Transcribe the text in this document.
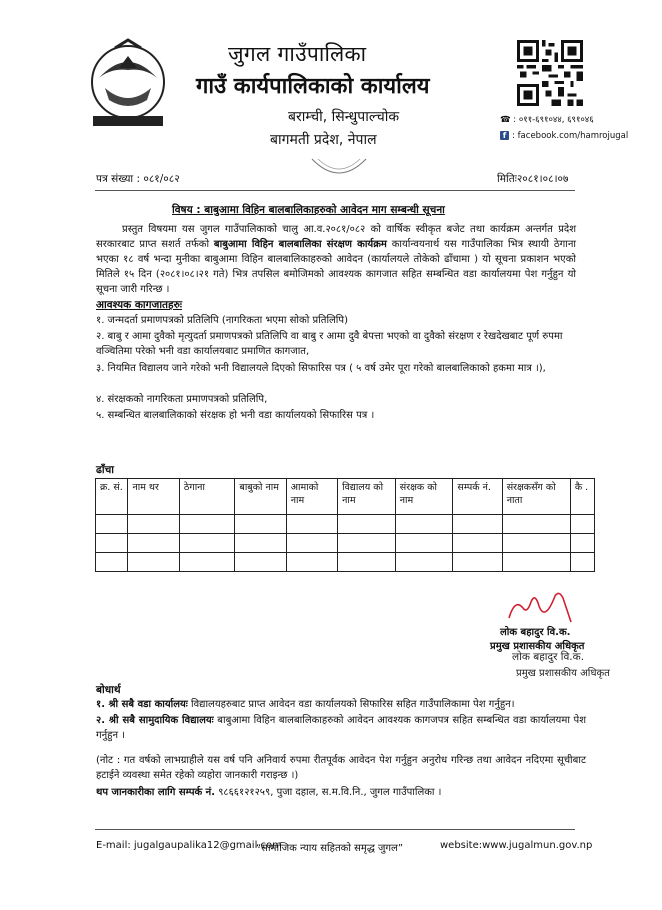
जुगल गाउँपालिका
गाउँ कार्यपालिकाको कार्यालय
बराम्ची, सिन्धुपाल्चोक
बागमती प्रदेश, नेपाल
☎ : ०११-६९१०४४, ६९१०४६
f : facebook.com/hamrojugal
पत्र संख्या : ०८१/०८२	मितिः२०८१।०८।०७
विषय : बाबुआमा विहिन बालबालिकाहरुको आवेदन माग सम्बन्धी सूचना
प्रस्तुत विषयमा यस जुगल गाउँपालिकाको चालु आ.व.२०८१/०८२ को वार्षिक स्वीकृत बजेट तथा कार्यक्रम अन्तर्गत प्रदेश सरकारबाट प्राप्त सशर्त तर्फको बाबुआमा विहिन बालबालिका संरक्षण कार्यक्रम कार्यान्वयनार्थ यस गाउँपालिका भित्र स्थायी ठेगाना भएका १८ वर्ष भन्दा मुनीका बाबुआमा विहिन बालबालिकाहरुको आवेदन (कार्यालयले तोकेको ढाँचामा ) यो सूचना प्रकाशन भएको मितिले १५ दिन (२०८१।०८।२१ गते) भित्र तपसिल बमोजिमको आवश्यक कागजात सहित सम्बन्धित वडा कार्यालयमा पेश गर्नुहुन यो सूचना जारी गरिन्छ ।
आवश्यक कागजातहरुः
१. जन्मदर्ता प्रमाणपत्रको प्रतिलिपि (नागरिकता भएमा सोको प्रतिलिपि)
२. बाबु र आमा दुवैको मृत्युदर्ता प्रमाणपत्रको प्रतिलिपि वा बाबु र आमा दुवै बेपत्ता भएको वा दुवैको संरक्षण र रेखदेखबाट पूर्ण रुपमा वञ्चितिमा परेको भनी वडा कार्यालयबाट प्रमाणित कागजात,
३. नियमित विद्यालय जाने गरेको भनी विद्यालयले दिएको सिफारिस पत्र ( ५ वर्ष उमेर पूरा गरेको बालबालिकाको हकमा मात्र ।),
४. संरक्षकको नागरिकता प्रमाणपत्रको प्रतिलिपि,
५. सम्बन्धित बालबालिकाको संरक्षक हो भनी वडा कार्यालयको सिफारिस पत्र ।
ढाँचा
क्र. सं.	नाम थर	ठेगाना	बाबुको नाम	आमाको नाम	विद्यालय को नाम	संरक्षक को नाम	सम्पर्क नं.	संरक्षकसँग को नाता	कै .

लोक बहादुर वि.क.
प्रमुख प्रशासकीय अधिकृत
लोक बहादुर वि.क.
प्रमुख प्रशासकीय अधिकृत
बोधार्थ
१. श्री सबै वडा कार्यालयः विद्यालयहरुबाट प्राप्त आवेदन वडा कार्यालयको सिफारिस सहित गाउँपालिकामा पेश गर्नुहुन।
२. श्री सबै सामुदायिक विद्यालयः बाबुआमा विहिन बालबालिकाहरुको आवेदन आवश्यक कागजपत्र सहित सम्बन्धित वडा कार्यालयमा पेश गर्नुहुन ।
(नोट : गत वर्षको लाभग्राहीले यस वर्ष पनि अनिवार्य रुपमा रीतपूर्वक आवेदन पेश गर्नुहुन अनुरोध गरिन्छ तथा आवेदन नदिएमा सूचीबाट हटाईने व्यवस्था समेत रहेको व्यहोरा जानकारी गराइन्छ ।)
थप जानकारीका लागि सम्पर्क नं. ९८६६१२१२५९, पुजा दहाल, स.म.वि.नि., जुगल गाउँपालिका ।
E-mail: jugalgaupalika12@gmail.com
“सामाजिक न्याय सहितको समृद्ध जुगल”	website:www.jugalmun.gov.np
